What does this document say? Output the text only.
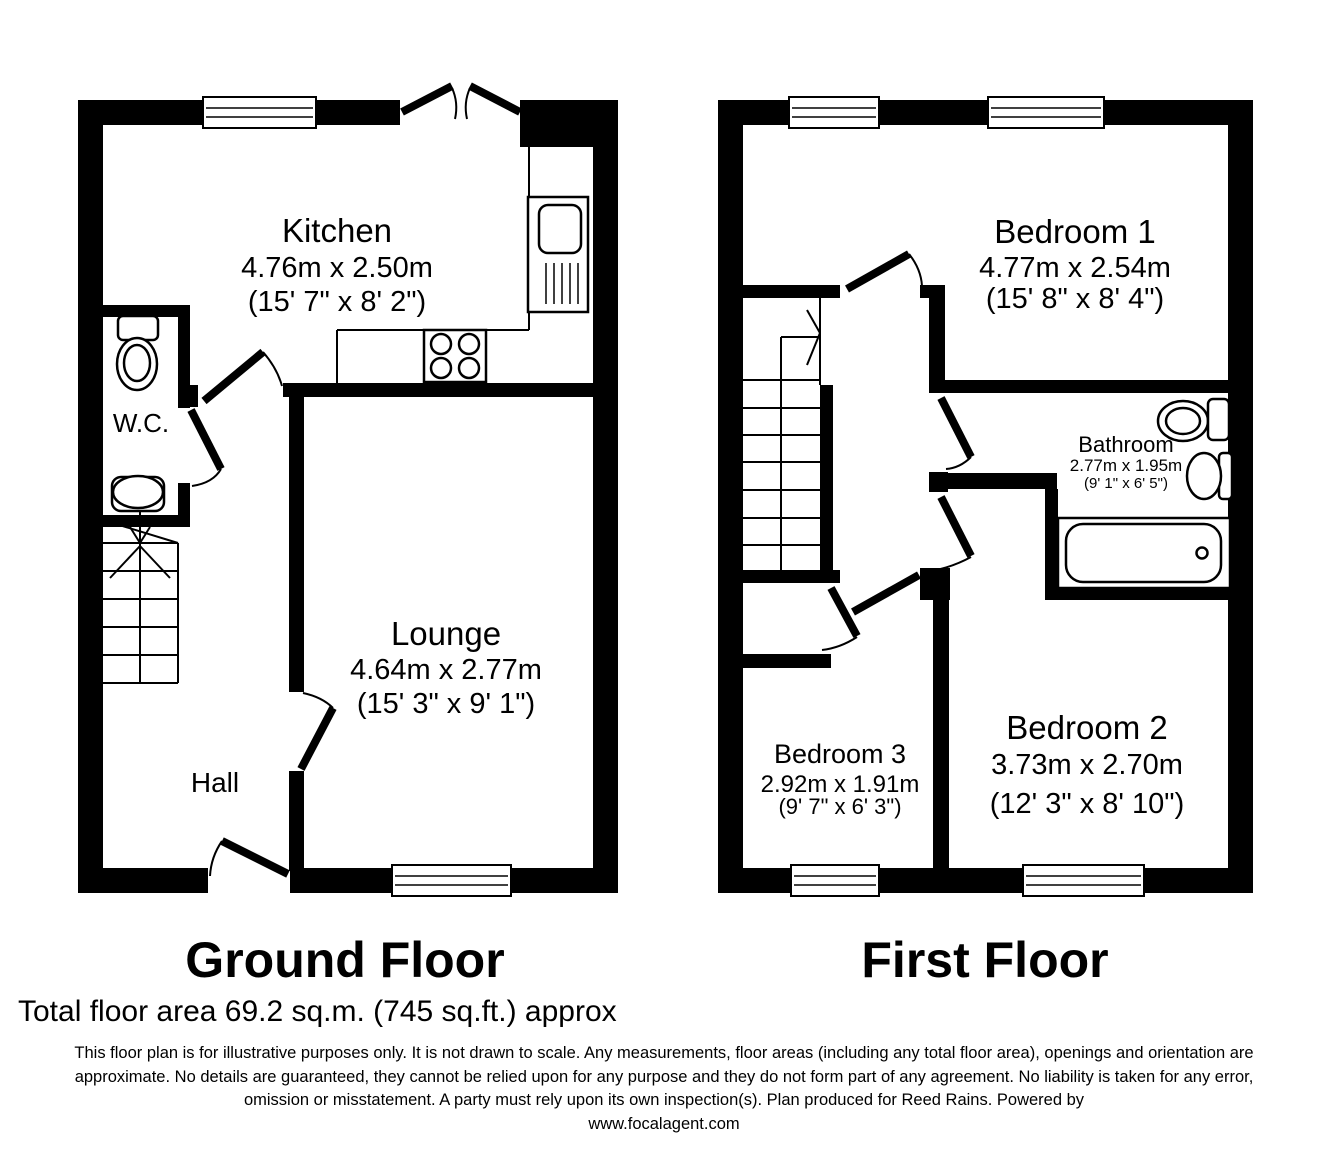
Kitchen
4.76m x 2.50m
(15' 7" x 8' 2")
W.C.
Lounge
4.64m x 2.77m
(15' 3" x 9' 1")
Hall
Ground Floor
Bedroom 1
4.77m x 2.54m
(15' 8" x 8' 4")
Bathroom
2.77m x 1.95m
(9' 1" x 6' 5")
Bedroom 3
2.92m x 1.91m
(9' 7" x 6' 3")
Bedroom 2
3.73m x 2.70m
(12' 3" x 8' 10")
First Floor
Total floor area 69.2 sq.m. (745 sq.ft.) approx
This floor plan is for illustrative purposes only. It is not drawn to scale. Any measurements, floor areas (including any total floor area), openings and orientation are approximate. No details are guaranteed, they cannot be relied upon for any purpose and they do not form part of any agreement. No liability is taken for any error, omission or misstatement. A party must rely upon its own inspection(s). Plan produced for Reed Rains. Powered by
www.focalagent.com
